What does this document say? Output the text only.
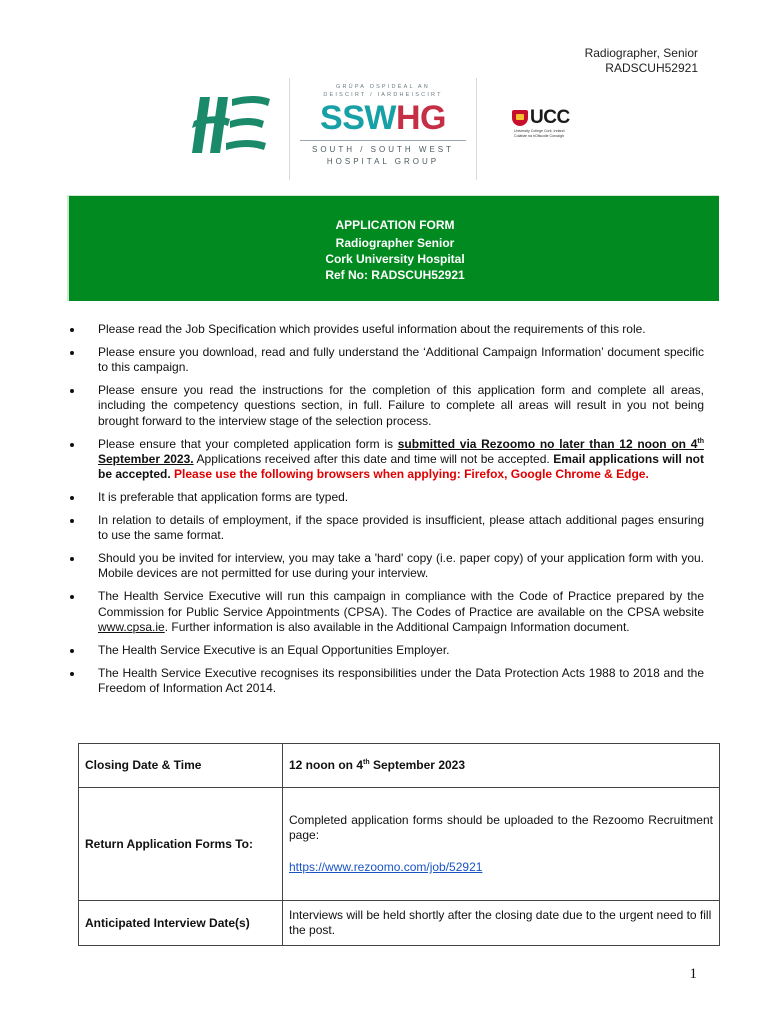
Radiographer, Senior
RADSCUH52921
GRÚPA OSPIDÉAL AN
DEISCIRT / IARDHEISCIRT
SSWHG
SOUTH / SOUTH WEST
HOSPITAL GROUP
UCC
University College Cork, Ireland
Coláiste na hOllscoile Corcaigh
APPLICATION FORM
Radiographer Senior
Cork University Hospital
Ref No: RADSCUH52921
Please read the Job Specification which provides useful information about the requirements of this role.
Please ensure you download, read and fully understand the ‘Additional Campaign Information’ document specific to this campaign.
Please ensure you read the instructions for the completion of this application form and complete all areas, including the competency questions section, in full. Failure to complete all areas will result in you not being brought forward to the interview stage of the selection process.
Please ensure that your completed application form is submitted via Rezoomo no later than 12 noon on 4th September 2023. Applications received after this date and time will not be accepted. Email applications will not be accepted. Please use the following browsers when applying: Firefox, Google Chrome & Edge.
It is preferable that application forms are typed.
In relation to details of employment, if the space provided is insufficient, please attach additional pages ensuring to use the same format.
Should you be invited for interview, you may take a 'hard' copy (i.e. paper copy) of your application form with you. Mobile devices are not permitted for use during your interview.
The Health Service Executive will run this campaign in compliance with the Code of Practice prepared by the Commission for Public Service Appointments (CPSA). The Codes of Practice are available on the CPSA website www.cpsa.ie. Further information is also available in the Additional Campaign Information document.
The Health Service Executive is an Equal Opportunities Employer.
The Health Service Executive recognises its responsibilities under the Data Protection Acts 1988 to 2018 and the Freedom of Information Act 2014.
Closing Date & Time	12 noon on 4th September 2023
Return Application Forms To:	Completed application forms should be uploaded to the Rezoomo Recruitment page:
https://www.rezoomo.com/job/52921

Anticipated Interview Date(s)	Interviews will be held shortly after the closing date due to the urgent need to fill the post.
1
